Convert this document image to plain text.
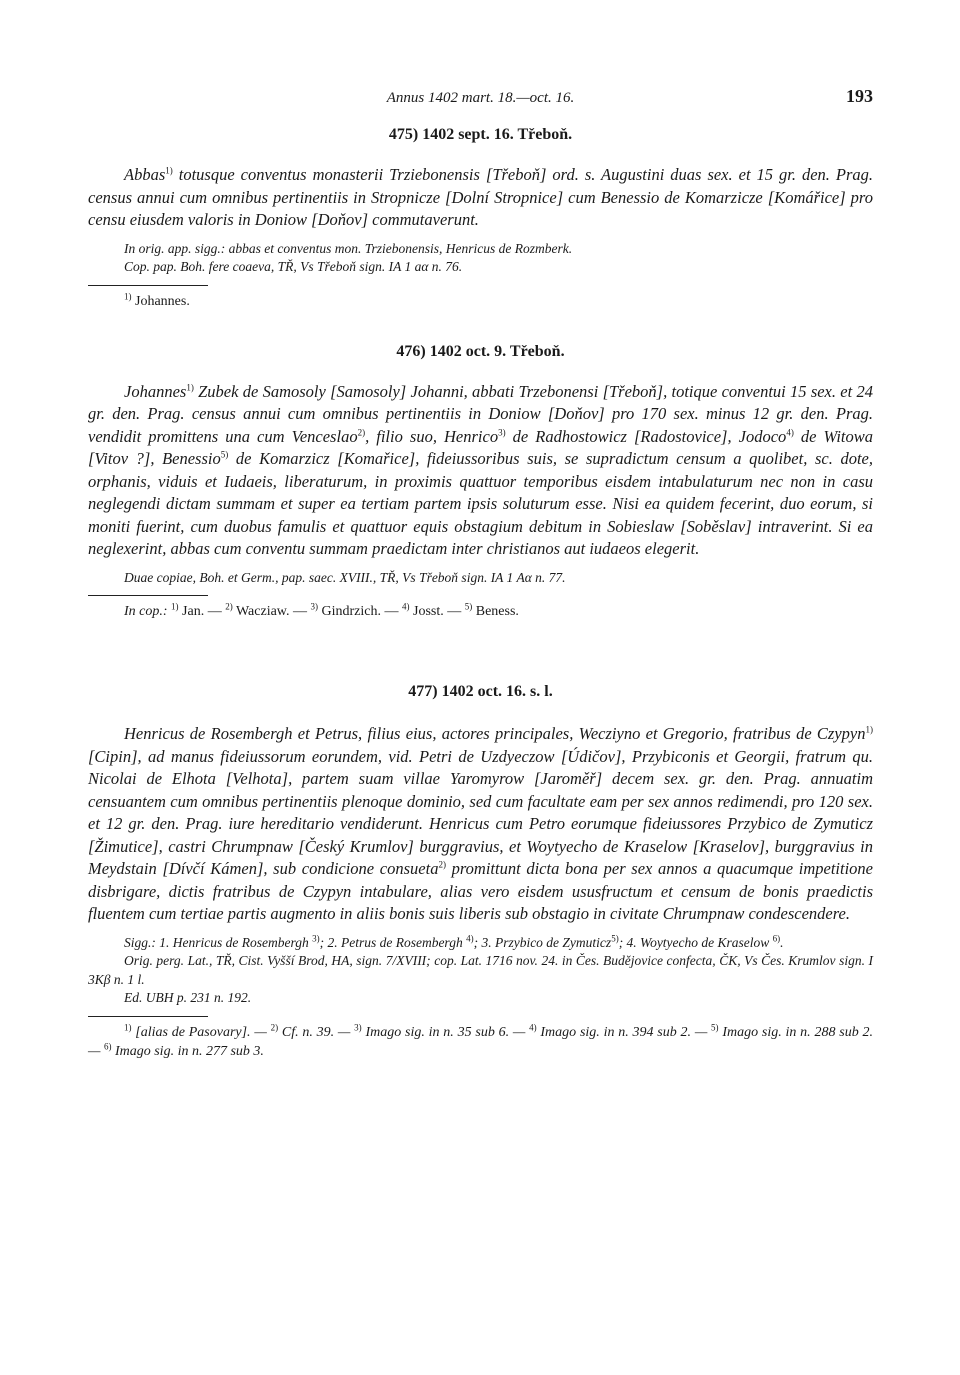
Annus 1402 mart. 18.—oct. 16.	193
475) 1402 sept. 16. Třeboň.

Abbas$^{1)}$ totusque conventus monasterii Trziebonensis [Třeboň] ord. s. Augustini duas sex. et 15 gr. den. Prag. census annui cum omnibus pertinentiis in Stropnicze [Dolní Stropnice] cum Benessio de Komarzicze [Komářice] pro censu eiusdem valoris in Doniow [Doňov] commutaverunt.

In orig. app. sigg.: abbas et conventus mon. Trziebonensis, Henricus de Rozmberk.

Cop. pap. Boh. fere coaeva, TŘ, Vs Třeboň sign. IA 1 aα n. 76.

$^{1)}$ Johannes.

476) 1402 oct. 9. Třeboň.

Johannes$^{1)}$ Zubek de Samosoly [Samosoly] Johanni, abbati Trzebonensi [Třeboň], totique conventui 15 sex. et 24 gr. den. Prag. census annui cum omnibus pertinentiis in Doniow [Doňov] pro 170 sex. minus 12 gr. den. Prag. vendidit promittens una cum Venceslao$^{2)}$, filio suo, Henrico$^{3)}$ de Radhostowicz [Radostovice], Jodoco$^{4)}$ de Witowa [Vitov ?], Benessio$^{5)}$ de Komarzicz [Komařice], fideiussoribus suis, se supradictum censum a quolibet, sc. dote, orphanis, viduis et Iudaeis, liberaturum, in proximis quattuor temporibus eisdem intabulaturum nec non in casu neglegendi dictam summam et super ea tertiam partem ipsis soluturum esse. Nisi ea quidem fecerint, duo eorum, si moniti fuerint, cum duobus famulis et quattuor equis obstagium debitum in Sobieslaw [Soběslav] intraverint. Si ea neglexerint, abbas cum conventu summam praedictam inter christianos aut iudaeos elegerit.

Duae copiae, Boh. et Germ., pap. saec. XVIII., TŘ, Vs Třeboň sign. IA 1 Aα n. 77.

In cop.: $^{1)}$ Jan. — $^{2)}$ Wacziaw. — $^{3)}$ Gindrzich. — $^{4)}$ Josst. — $^{5)}$ Beness.

477) 1402 oct. 16. s. l.

Henricus de Rosembergh et Petrus, filius eius, actores principales, Wecziyno et Gregorio, fratribus de Czypyn$^{1)}$ [Cipin], ad manus fideiussorum eorundem, vid. Petri de Uzdyeczow [Údičov], Przybiconis et Georgii, fratrum qu. Nicolai de Elhota [Velhota], partem suam villae Yaromyrow [Jaroměř] decem sex. gr. den. Prag. annuatim censuantem cum omnibus pertinentiis plenoque dominio, sed cum facultate eam per sex annos redimendi, pro 120 sex. et 12 gr. den. Prag. iure hereditario vendiderunt. Henricus cum Petro eorumque fideiussores Przybico de Zymuticz [Žimutice], castri Chrumpnaw [Český Krumlov] burggravius, et Woytyecho de Kraselow [Kraselov], burggravius in Meydstain [Dívčí Kámen], sub condicione consueta$^{2)}$ promittunt dicta bona per sex annos a quacumque impetitione disbrigare, dictis fratribus de Czypyn intabulare, alias vero eisdem ususfructum et censum de bonis praedictis fluentem cum tertiae partis augmento in aliis bonis suis liberis sub obstagio in civitate Chrumpnaw condescendere.

Sigg.: 1. Henricus de Rosembergh $^{3)}$; 2. Petrus de Rosembergh $^{4)}$; 3. Przybico de Zymuticz$^{5)}$; 4. Woytyecho de Kraselow $^{6)}$.

Orig. perg. Lat., TŘ, Cist. Vyšší Brod, HA, sign. 7/XVIII; cop. Lat. 1716 nov. 24. in Čes. Budějovice confecta, ČK, Vs Čes. Krumlov sign. I 3Kβ n. 1 l.

Ed. UBH p. 231 n. 192.

$^{1)}$ [alias de Pasovary]. — $^{2)}$ Cf. n. 39. — $^{3)}$ Imago sig. in n. 35 sub 6. — $^{4)}$ Imago sig. in n. 394 sub 2. — $^{5)}$ Imago sig. in n. 288 sub 2. — $^{6)}$ Imago sig. in n. 277 sub 3.
